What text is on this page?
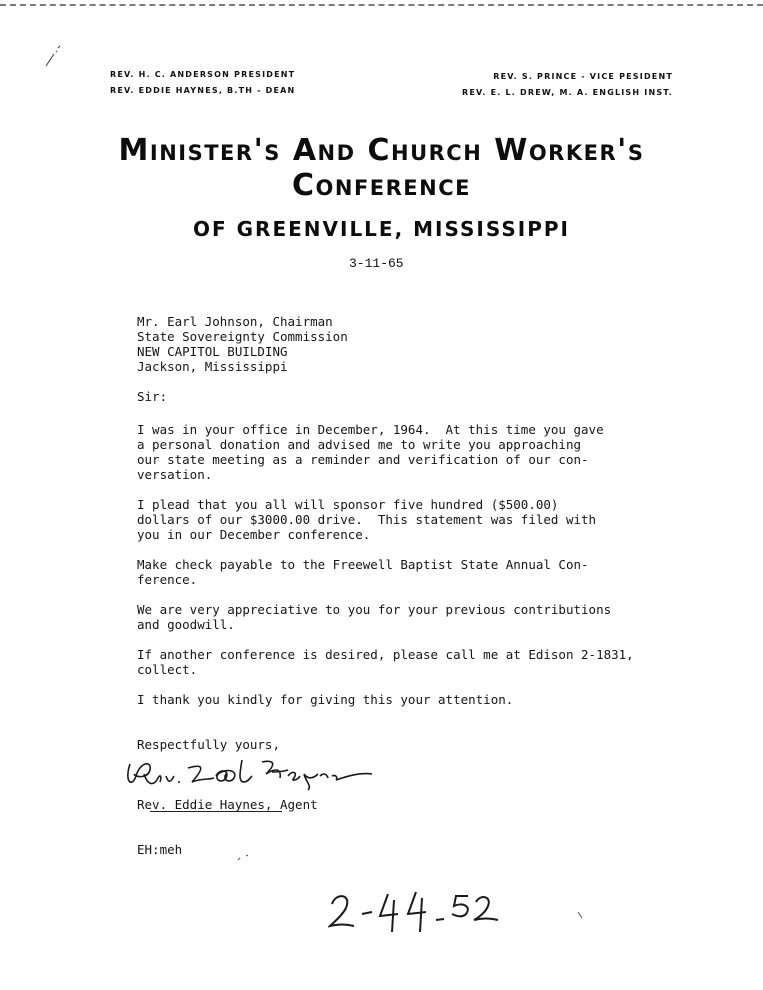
REV. H. C. ANDERSON PRESIDENT
REV. EDDIE HAYNES, B.TH - DEAN
REV. S. PRINCE - VICE PESIDENT
REV. E. L. DREW, M. A. ENGLISH INST.
Minister's And Church Worker's
Conference
OF GREENVILLE, MISSISSIPPI
3-11-65
Mr. Earl Johnson, Chairman
State Sovereignty Commission
NEW CAPITOL BUILDING
Jackson, Mississippi
Sir:
I was in your office in December, 1964.  At this time you gave
a personal donation and advised me to write you approaching
our state meeting as a reminder and verification of our con-
versation.
I plead that you all will sponsor five hundred ($500.00)
dollars of our $3000.00 drive.  This statement was filed with
you in our December conference.
Make check payable to the Freewell Baptist State Annual Con-
ference.
We are very appreciative to you for your previous contributions
and goodwill.
If another conference is desired, please call me at Edison 2-1831,
collect.
I thank you kindly for giving this your attention.
Respectfully yours,
Rev. Eddie Haynes, Agent
EH:meh
